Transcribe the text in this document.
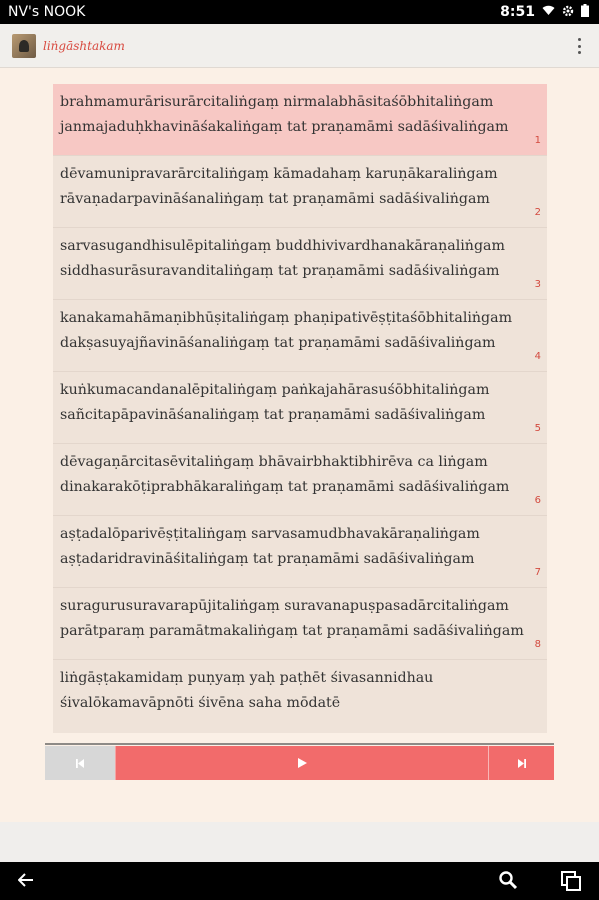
NV's NOOK	8:51
liṅgāshtakam
brahmamurārisurārcitaliṅgaṃ nirmalabhāsitaśōbhitaliṅgam
janmajaduḥkhavināśakaliṅgaṃ tat praṇamāmi sadāśivaliṅgam
1
dēvamunipravarārcitaliṅgaṃ kāmadahaṃ karuṇākaraliṅgam
rāvaṇadarpavināśanaliṅgaṃ tat praṇamāmi sadāśivaliṅgam
2
sarvasugandhisulēpitaliṅgaṃ buddhivivardhanakāraṇaliṅgam
siddhasurāsuravanditaliṅgaṃ tat praṇamāmi sadāśivaliṅgam
3
kanakamahāmaṇibhūṣitaliṅgaṃ phaṇipativēṣṭitaśōbhitaliṅgam
dakṣasuyajñavināśanaliṅgaṃ tat praṇamāmi sadāśivaliṅgam
4
kuṅkumacandanalēpitaliṅgaṃ paṅkajahārasuśōbhitaliṅgam
sañcitapāpavināśanaliṅgaṃ tat praṇamāmi sadāśivaliṅgam
5
dēvagaṇārcitasēvitaliṅgaṃ bhāvairbhaktibhirēva ca liṅgam
dinakarakōṭiprabhākaraliṅgaṃ tat praṇamāmi sadāśivaliṅgam
6
aṣṭadalōparivēṣṭitaliṅgaṃ sarvasamudbhavakāraṇaliṅgam
aṣṭadaridravināśitaliṅgaṃ tat praṇamāmi sadāśivaliṅgam
7
suragurusuravarapūjitaliṅgaṃ suravanapuṣpasadārcitaliṅgam
parātparaṃ paramātmakaliṅgaṃ tat praṇamāmi sadāśivaliṅgam
8
liṅgāṣṭakamidaṃ puṇyaṃ yaḥ paṭhēt śivasannidhau
śivalōkamavāpnōti śivēna saha mōdatē
